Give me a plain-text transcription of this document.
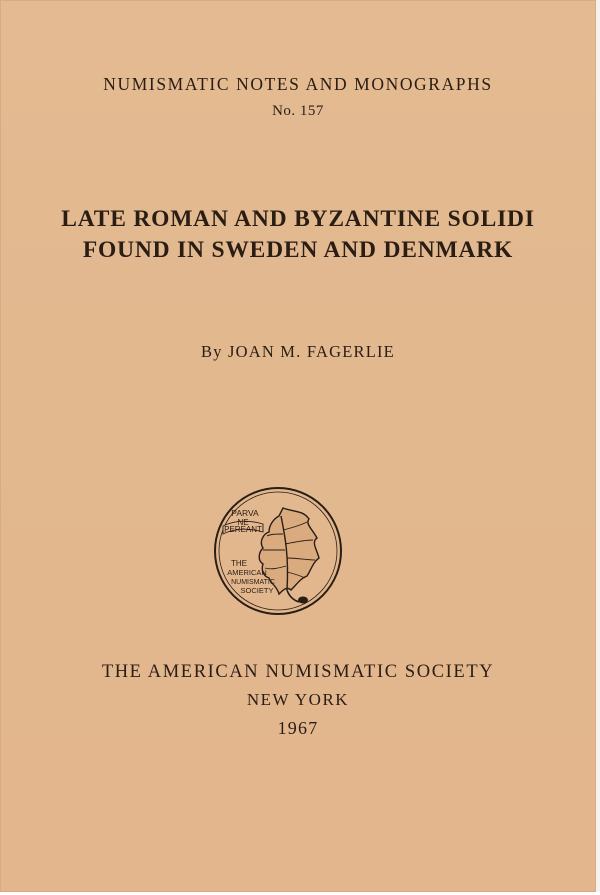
NUMISMATIC NOTES AND MONOGRAPHS
No. 157
LATE ROMAN AND BYZANTINE SOLIDI
FOUND IN SWEDEN AND DENMARK
By JOAN M. FAGERLIE
PARVA
NE
PEREANT
THE
AMERICAN
NUMISMATIC
SOCIETY
THE AMERICAN NUMISMATIC SOCIETY
NEW YORK
1967
